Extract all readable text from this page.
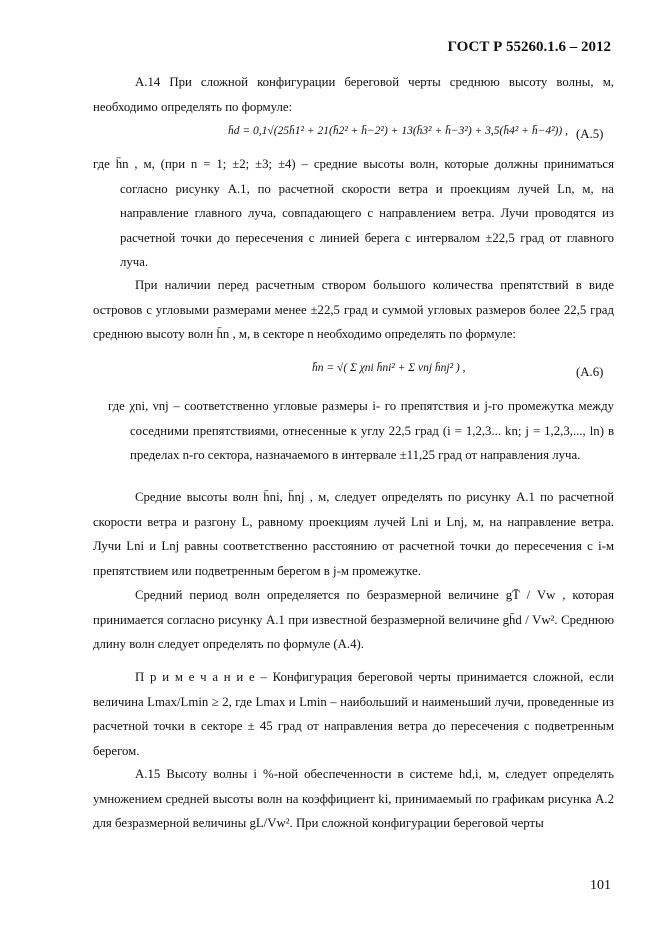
ГОСТ Р 55260.1.6 – 2012
А.14 При сложной конфигурации береговой черты среднюю высоту волны, м, необходимо определять по формуле:
h̄d = 0,1√(25h̄1² + 21(h̄2² + h̄−2²) + 13(h̄3² + h̄−3²) + 3,5(h̄4² + h̄−4²)) , (А.5)
где h̄n , м, (при n = 1; ±2; ±3; ±4) – средние высоты волн, которые должны приниматься согласно рисунку А.1, по расчетной скорости ветра и проекциям лучей Ln, м, на направление главного луча, совпадающего с направлением ветра. Лучи проводятся из расчетной точки до пересечения с линией берега с интервалом ±22,5 град от главного луча.
При наличии перед расчетным створом большого количества препятствий в виде островов с угловыми размерами менее ±22,5 град и суммой угловых размеров более 22,5 град среднюю высоту волн h̄n , м, в секторе n необходимо определять по формуле:
h̄n = √( Σ χni h̄ni² + Σ νnj h̄nj² ) ,	(А.6)
где χni, νnj – соответственно угловые размеры i- го препятствия и j-го промежутка между соседними препятствиями, отнесенные к углу 22,5 град (i = 1,2,3... kn; j = 1,2,3,..., ln) в пределах n-го сектора, назначаемого в интервале ±11,25 град от направления луча.
Средние высоты волн h̄ni, h̄nj , м, следует определять по рисунку А.1 по расчетной скорости ветра и разгону L, равному проекциям лучей Lni и Lnj, м, на направление ветра. Лучи Lni и Lnj равны соответственно расстоянию от расчетной точки до пересечения с i-м препятствием или подветренным берегом в j-м промежутке.
Средний период волн определяется по безразмерной величине gT̄ / Vw , которая принимается согласно рисунку А.1 при известной безразмерной величине gh̄d / Vw². Среднюю длину волн следует определять по формуле (А.4).
П р и м е ч а н и е – Конфигурация береговой черты принимается сложной, если величина Lmax/Lmin ≥ 2, где Lmax и Lmin – наибольший и наименьший лучи, проведенные из расчетной точки в секторе ± 45 град от направления ветра до пересечения с подветренным берегом.
А.15 Высоту волны i %-ной обеспеченности в системе hd,i, м, следует определять умножением средней высоты волн на коэффициент ki, принимаемый по графикам рисунка А.2 для безразмерной величины gL/Vw². При сложной конфигурации береговой черты
101
